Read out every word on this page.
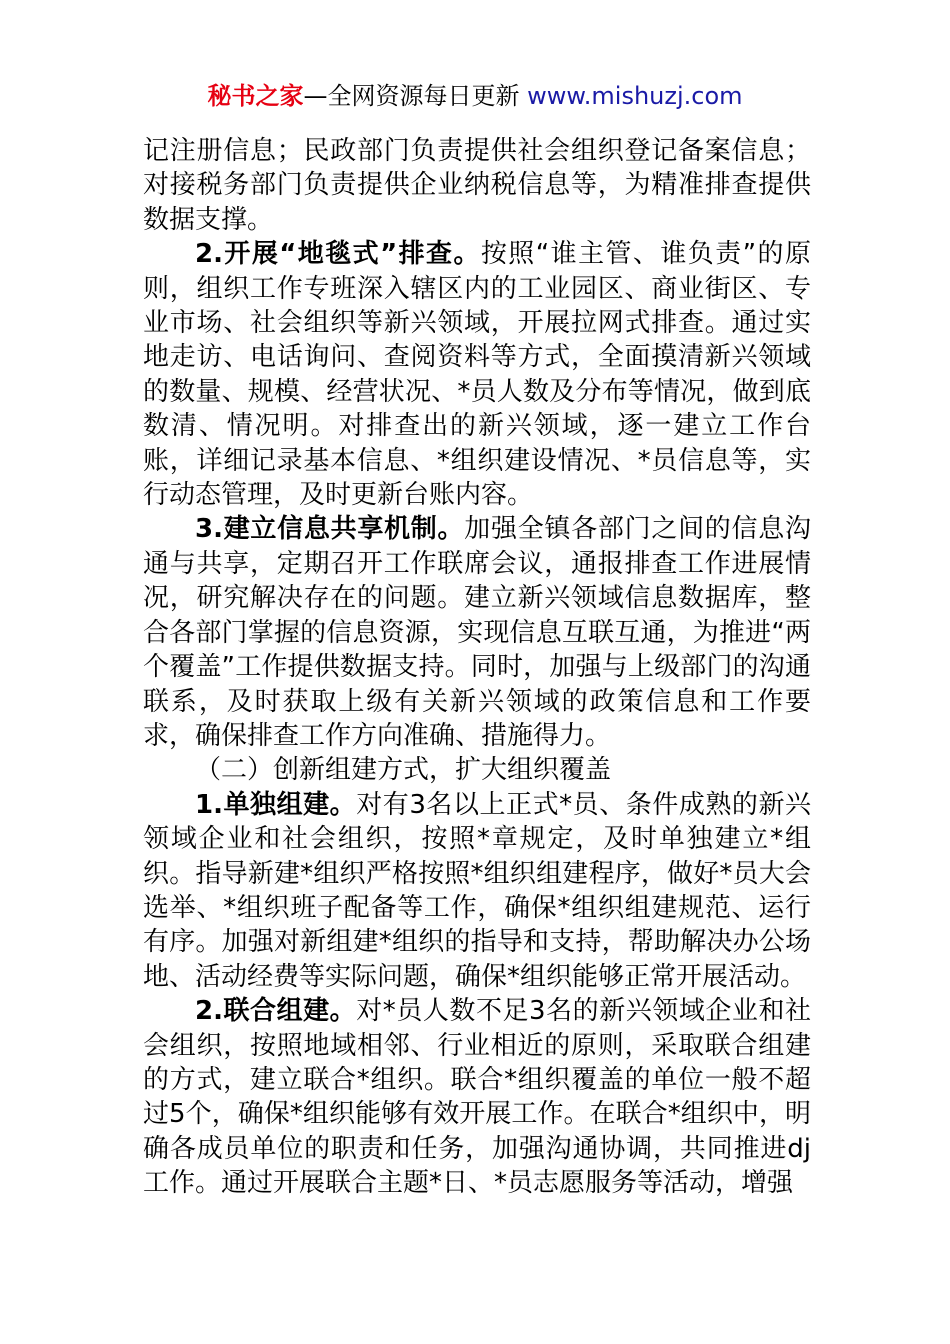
秘书之家—全网资源每日更新 www.mishuzj.com

记注册信息；民政部门负责提供社会组织登记备案信息；对接税务部门负责提供企业纳税信息等，为精准排查提供数据支撑。

2.开展“地毯式”排查。按照“谁主管、谁负责”的原则，组织工作专班深入辖区内的工业园区、商业街区、专业市场、社会组织等新兴领域，开展拉网式排查。通过实地走访、电话询问、查阅资料等方式，全面摸清新兴领域的数量、规模、经营状况、*员人数及分布等情况，做到底数清、情况明。对排查出的新兴领域，逐一建立工作台账，详细记录基本信息、*组织建设情况、*员信息等，实行动态管理，及时更新台账内容。

3.建立信息共享机制。加强全镇各部门之间的信息沟通与共享，定期召开工作联席会议，通报排查工作进展情况，研究解决存在的问题。建立新兴领域信息数据库，整合各部门掌握的信息资源，实现信息互联互通，为推进“两个覆盖”工作提供数据支持。同时，加强与上级部门的沟通联系，及时获取上级有关新兴领域的政策信息和工作要求，确保排查工作方向准确、措施得力。

（二）创新组建方式，扩大组织覆盖

1.单独组建。对有3名以上正式*员、条件成熟的新兴领域企业和社会组织，按照*章规定，及时单独建立*组织。指导新建*组织严格按照*组织组建程序，做好*员大会选举、*组织班子配备等工作，确保*组织组建规范、运行有序。加强对新组建*组织的指导和支持，帮助解决办公场地、活动经费等实际问题，确保*组织能够正常开展活动。

2.联合组建。对*员人数不足3名的新兴领域企业和社会组织，按照地域相邻、行业相近的原则，采取联合组建的方式，建立联合*组织。联合*组织覆盖的单位一般不超过5个，确保*组织能够有效开展工作。在联合*组织中，明确各成员单位的职责和任务，加强沟通协调，共同推进dj工作。通过开展联合主题*日、*员志愿服务等活动，增强
